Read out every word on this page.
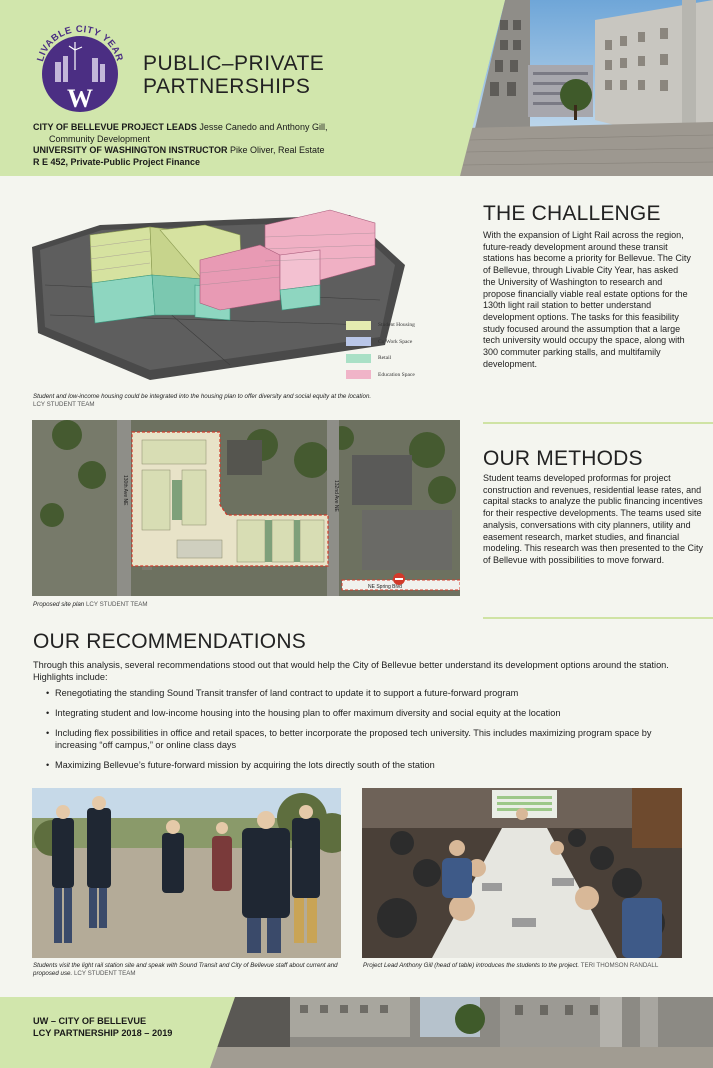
W
LIVABLE CITY YEAR PUBLIC–PRIVATE
PARTNERSHIPS
CITY OF BELLEVUE PROJECT LEADS Jesse Canedo and Anthony Gill,
Community Development
UNIVERSITY OF WASHINGTON INSTRUCTOR Pike Oliver, Real Estate
R E 452, Private-Public Project Finance
Student Housing
Co Work Space
Retail
Education Space
Student and low-income housing could be integrated into the housing plan to offer diversity and social equity at the location.
LCY STUDENT TEAM
THE CHALLENGE
With the expansion of Light Rail across the region, future-ready development around these transit stations has become a priority for Bellevue. The City of Bellevue, through Livable City Year, has asked the University of Washington to research and propose financially viable real estate options for the 130th light rail station to better understand development options. The tasks for this feasibility study focused around the assumption that a large tech university would occupy the space, along with 300 commuter parking stalls, and multifamily development.
130th Ave NE	132nd Ave NE
NE Spring Blvd
Proposed site plan LCY STUDENT TEAM
OUR METHODS
Student teams developed proformas for project construction and revenues, residential lease rates, and capital stacks to analyze the public financing incentives for their respective developments. The teams used site analysis, conversations with city planners, utility and easement research, market studies, and financial modeling. This research was then presented to the City of Bellevue with possibilities to move forward.
OUR RECOMMENDATIONS
Through this analysis, several recommendations stood out that would help the City of Bellevue better understand its development options around the station. Highlights include:
• Renegotiating the standing Sound Transit transfer of land contract to update it to support a future-forward program
• Integrating student and low-income housing into the housing plan to offer maximum diversity and social equity at the location
• Including flex possibilities in office and retail spaces, to better incorporate the proposed tech university. This includes maximizing program space by increasing “off campus,” or online class days
• Maximizing Bellevue’s future-forward mission by acquiring the lots directly south of the station
Students visit the light rail station site and speak with Sound Transit and City of Bellevue staff about current and proposed use. LCY STUDENT TEAM
Project Lead Anthony Gill (head of table) introduces the students to the project. TERI THOMSON RANDALL
UW – CITY OF BELLEVUE
LCY PARTNERSHIP 2018 – 2019
